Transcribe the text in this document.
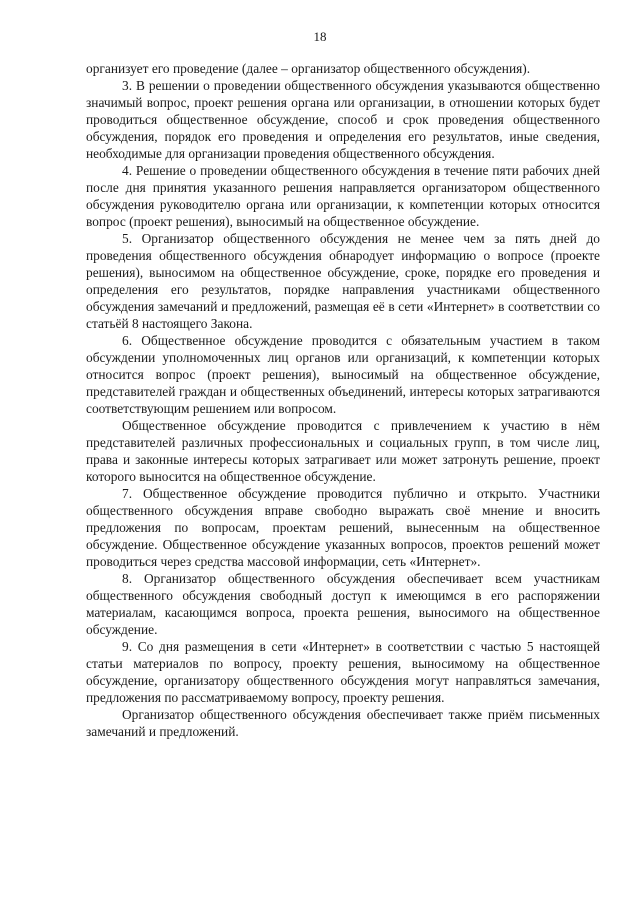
18

организует его проведение (далее – организатор общественного обсуждения).

3. В решении о проведении общественного обсуждения указываются общественно значимый вопрос, проект решения органа или организации, в отношении которых будет проводиться общественное обсуждение, способ и срок проведения общественного обсуждения, порядок его проведения и определения его результатов, иные сведения, необходимые для организации проведения общественного обсуждения.

4. Решение о проведении общественного обсуждения в течение пяти рабочих дней после дня принятия указанного решения направляется организатором общественного обсуждения руководителю органа или организации, к компетенции которых относится вопрос (проект решения), выносимый на общественное обсуждение.

5. Организатор общественного обсуждения не менее чем за пять дней до проведения общественного обсуждения обнародует информацию о вопросе (проекте решения), выносимом на общественное обсуждение, сроке, порядке его проведения и определения его результатов, порядке направления участниками общественного обсуждения замечаний и предложений, размещая её в сети «Интернет» в соответствии со статьёй 8 настоящего Закона.

6. Общественное обсуждение проводится с обязательным участием в таком обсуждении уполномоченных лиц органов или организаций, к компетенции которых относится вопрос (проект решения), выносимый на общественное обсуждение, представителей граждан и общественных объединений, интересы которых затрагиваются соответствующим решением или вопросом.

Общественное обсуждение проводится с привлечением к участию в нём представителей различных профессиональных и социальных групп, в том числе лиц, права и законные интересы которых затрагивает или может затронуть решение, проект которого выносится на общественное обсуждение.

7. Общественное обсуждение проводится публично и открыто. Участники общественного обсуждения вправе свободно выражать своё мнение и вносить предложения по вопросам, проектам решений, вынесенным на общественное обсуждение. Общественное обсуждение указанных вопросов, проектов решений может проводиться через средства массовой информации, сеть «Интернет».

8. Организатор общественного обсуждения обеспечивает всем участникам общественного обсуждения свободный доступ к имеющимся в его распоряжении материалам, касающимся вопроса, проекта решения, выносимого на общественное обсуждение.

9. Со дня размещения в сети «Интернет» в соответствии с частью 5 настоящей статьи материалов по вопросу, проекту решения, выносимому на общественное обсуждение, организатору общественного обсуждения могут направляться замечания, предложения по рассматриваемому вопросу, проекту решения.

Организатор общественного обсуждения обеспечивает также приём письменных замечаний и предложений.
